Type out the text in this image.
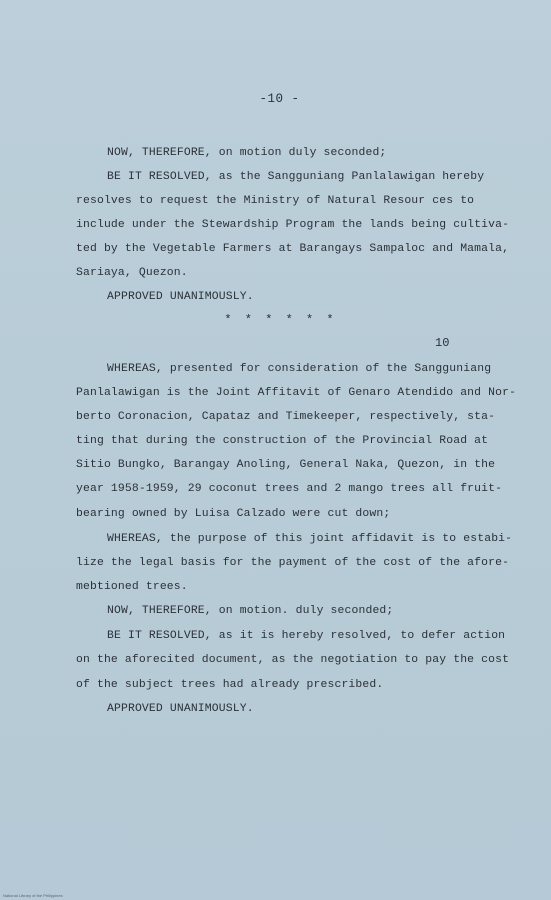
-10 -
NOW, THEREFORE, on motion duly seconded;
BE IT RESOLVED, as the Sangguniang Panlalawigan hereby
resolves to request the Ministry of Natural Resour ces to
include under the Stewardship Program the lands being cultiva-
ted by the Vegetable Farmers at Barangays Sampaloc and Mamala,
Sariaya, Quezon.
APPROVED UNANIMOUSLY.
* * * * * *
10
WHEREAS, presented for consideration of the Sangguniang
Panlalawigan is the Joint Affitavit of Genaro Atendido and Nor-
berto Coronacion, Capataz and Timekeeper, respectively, sta-
ting that during the construction of the Provincial Road at
Sitio Bungko, Barangay Anoling, General Naka, Quezon, in the
year 1958-1959, 29 coconut trees and 2 mango trees all fruit-
bearing owned by Luisa Calzado were cut down;
WHEREAS, the purpose of this joint affidavit is to estabi-
lize the legal basis for the payment of the cost of the afore-
mebtioned trees.
NOW, THEREFORE, on motion. duly seconded;
BE IT RESOLVED, as it is hereby resolved, to defer action
on the aforecited document, as the negotiation to pay the cost
of the subject trees had already prescribed.
APPROVED UNANIMOUSLY.
National Library of the Philippines
